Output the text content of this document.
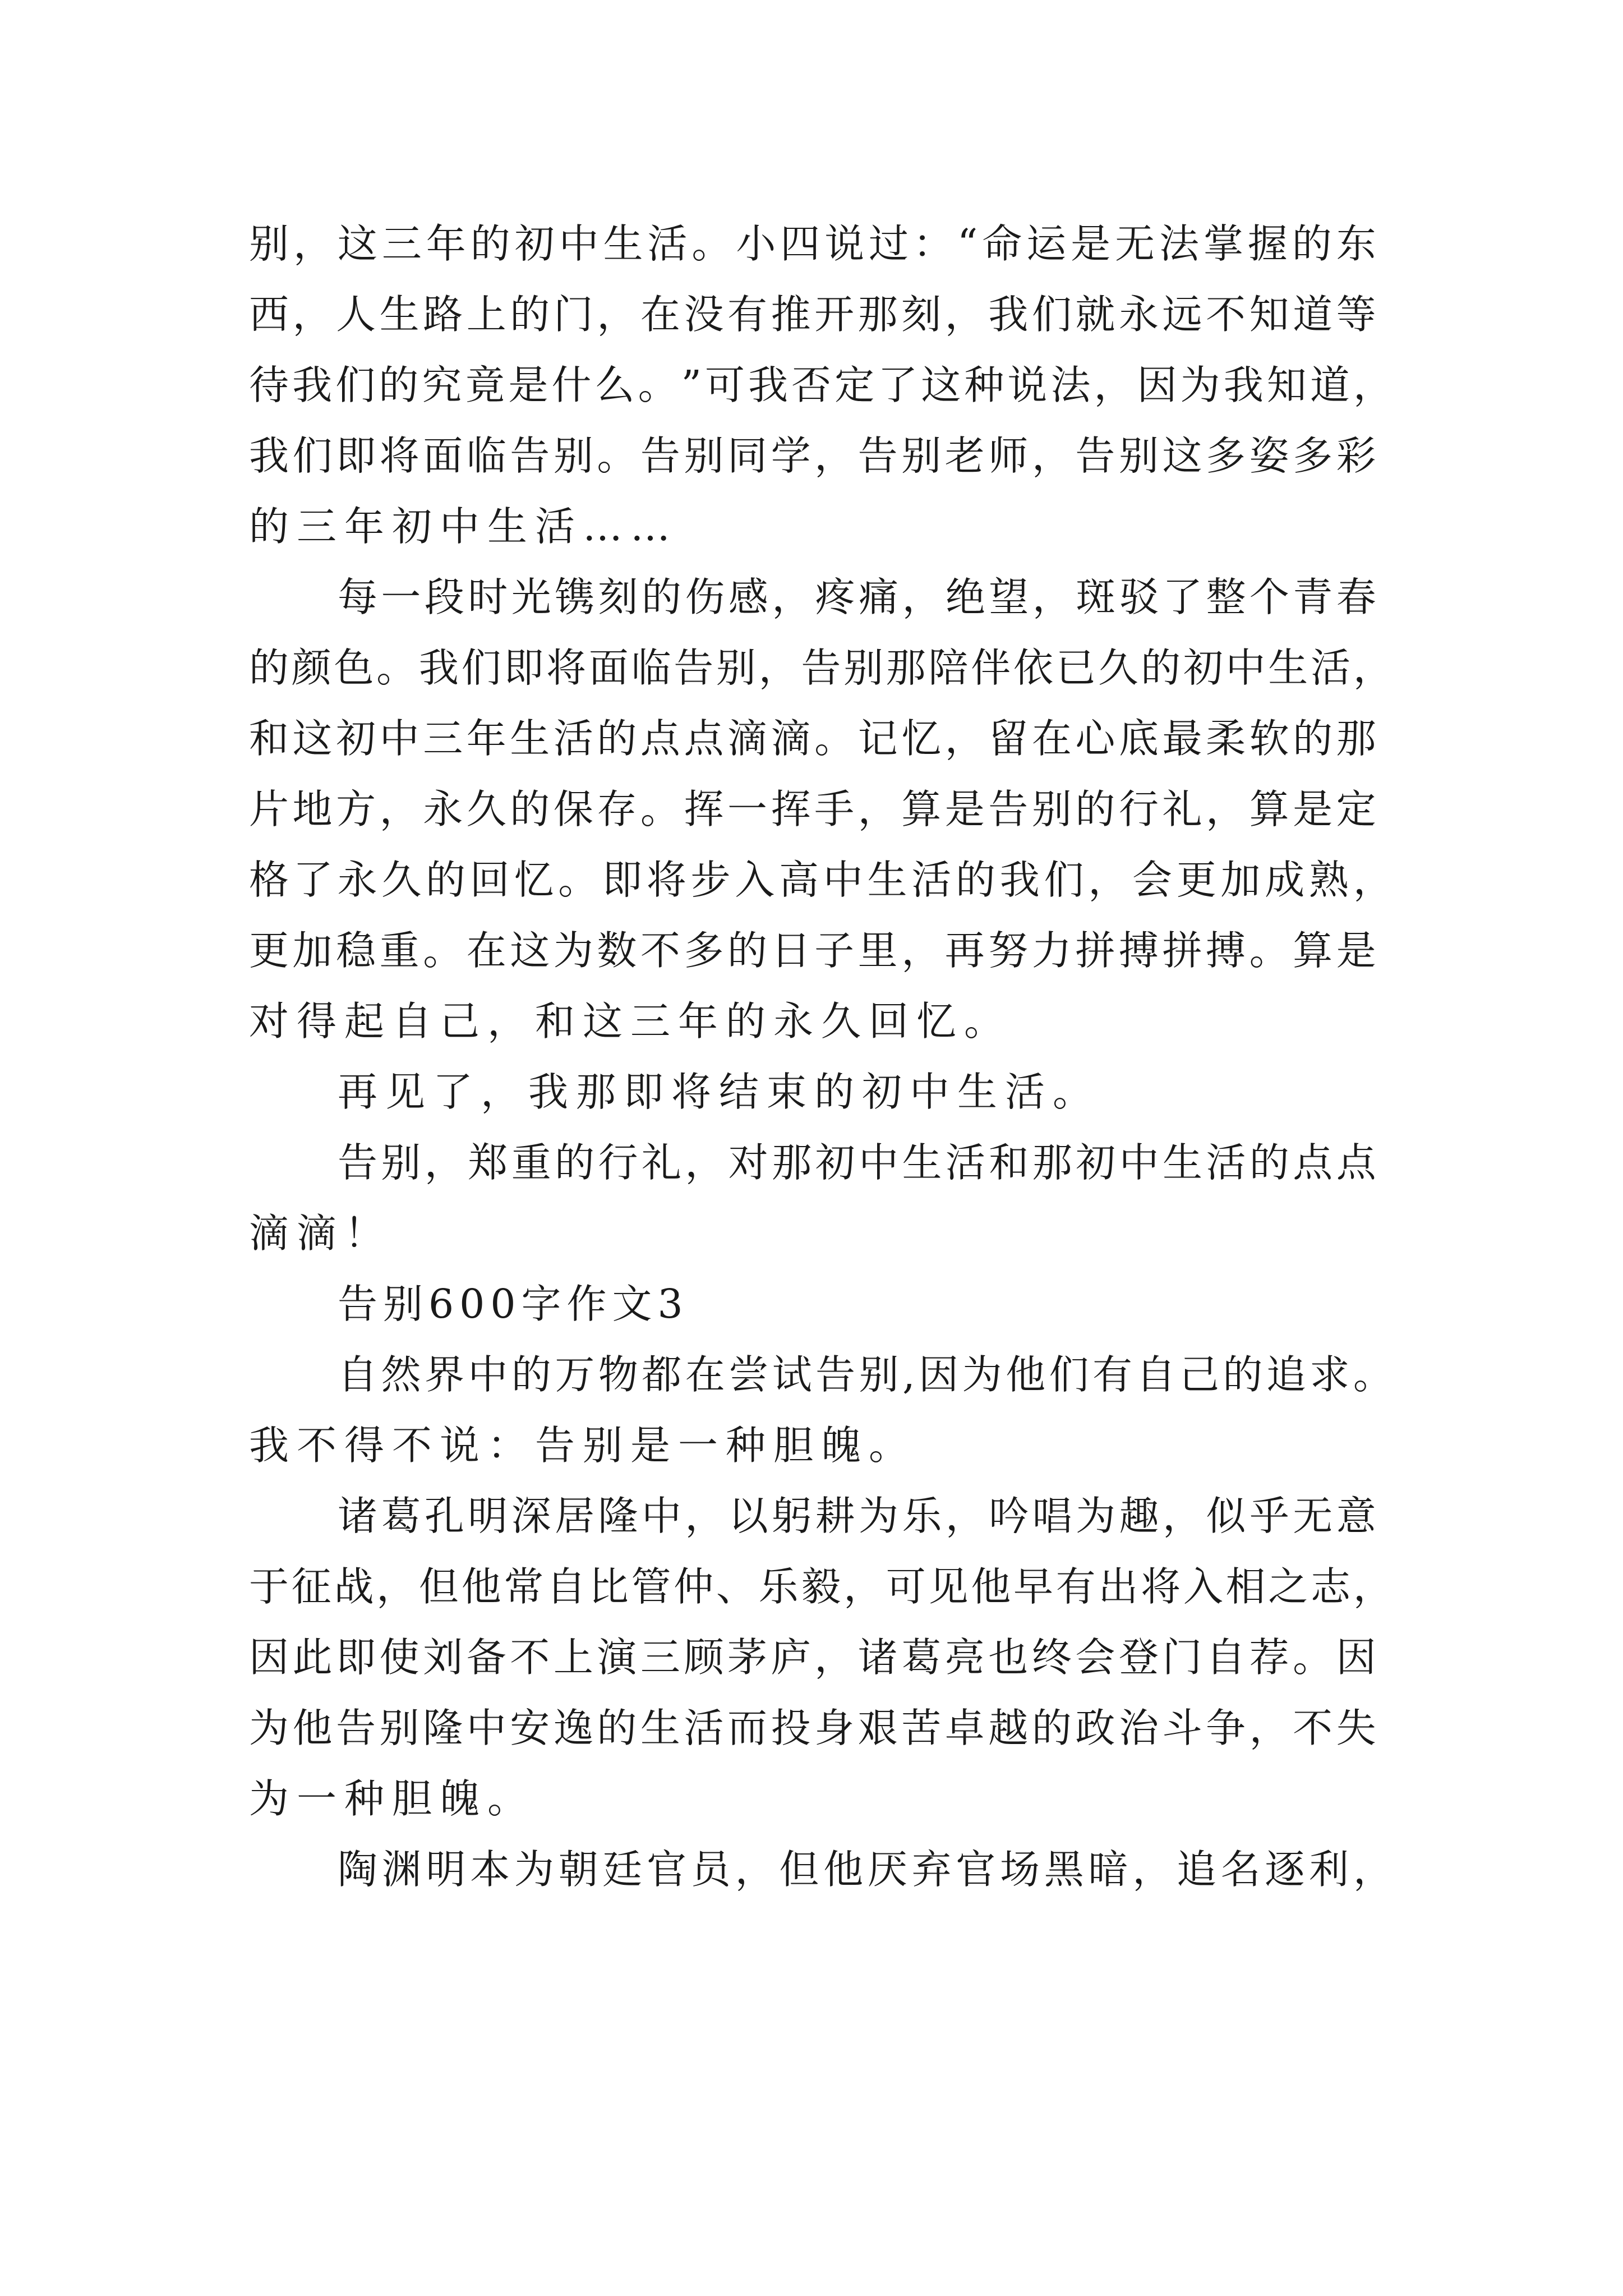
别 ， 这 三 年 的 初 中 生 活 。 小 四 说 过 ： “ 命 运 是 无 法 掌 握 的 东
西 ， 人 生 路 上 的 门 ， 在 没 有 推 开 那 刻 ， 我 们 就 永 远 不 知 道 等
待 我 们 的 究 竟 是 什 么 。 ” 可 我 否 定 了 这 种 说 法 ， 因 为 我 知 道 ，
我 们 即 将 面 临 告 别 。 告 别 同 学 ， 告 别 老 师 ， 告 别 这 多 姿 多 彩
的三年初中生活……
每 一 段 时 光 镌 刻 的 伤 感 ， 疼 痛 ， 绝 望 ， 斑 驳 了 整 个 青 春
的 颜 色 。 我 们 即 将 面 临 告 别 ， 告 别 那 陪 伴 依 已 久 的 初 中 生 活 ，
和 这 初 中 三 年 生 活 的 点 点 滴 滴 。 记 忆 ， 留 在 心 底 最 柔 软 的 那
片 地 方 ， 永 久 的 保 存 。 挥 一 挥 手 ， 算 是 告 别 的 行 礼 ， 算 是 定
格 了 永 久 的 回 忆 。 即 将 步 入 高 中 生 活 的 我 们 ， 会 更 加 成 熟 ，
更 加 稳 重 。 在 这 为 数 不 多 的 日 子 里 ， 再 努 力 拼 搏 拼 搏 。 算 是
对得起自己，和这三年的永久回忆。
再见了，我那即将结束的初中生活。
告 别 ， 郑 重 的 行 礼 ， 对 那 初 中 生 活 和 那 初 中 生 活 的 点 点
滴滴！
告别600字作文3
自 然 界 中 的 万 物 都 在 尝 试 告 别 , 因 为 他 们 有 自 己 的 追 求 。
我不得不说：告别是一种胆魄。
诸 葛 孔 明 深 居 隆 中 ， 以 躬 耕 为 乐 ， 吟 唱 为 趣 ， 似 乎 无 意
于 征 战 ， 但 他 常 自 比 管 仲 、 乐 毅 ， 可 见 他 早 有 出 将 入 相 之 志 ，
因 此 即 使 刘 备 不 上 演 三 顾 茅 庐 ， 诸 葛 亮 也 终 会 登 门 自 荐 。 因
为 他 告 别 隆 中 安 逸 的 生 活 而 投 身 艰 苦 卓 越 的 政 治 斗 争 ， 不 失
为一种胆魄。
陶 渊 明 本 为 朝 廷 官 员 ， 但 他 厌 弃 官 场 黑 暗 ， 追 名 逐 利 ，
